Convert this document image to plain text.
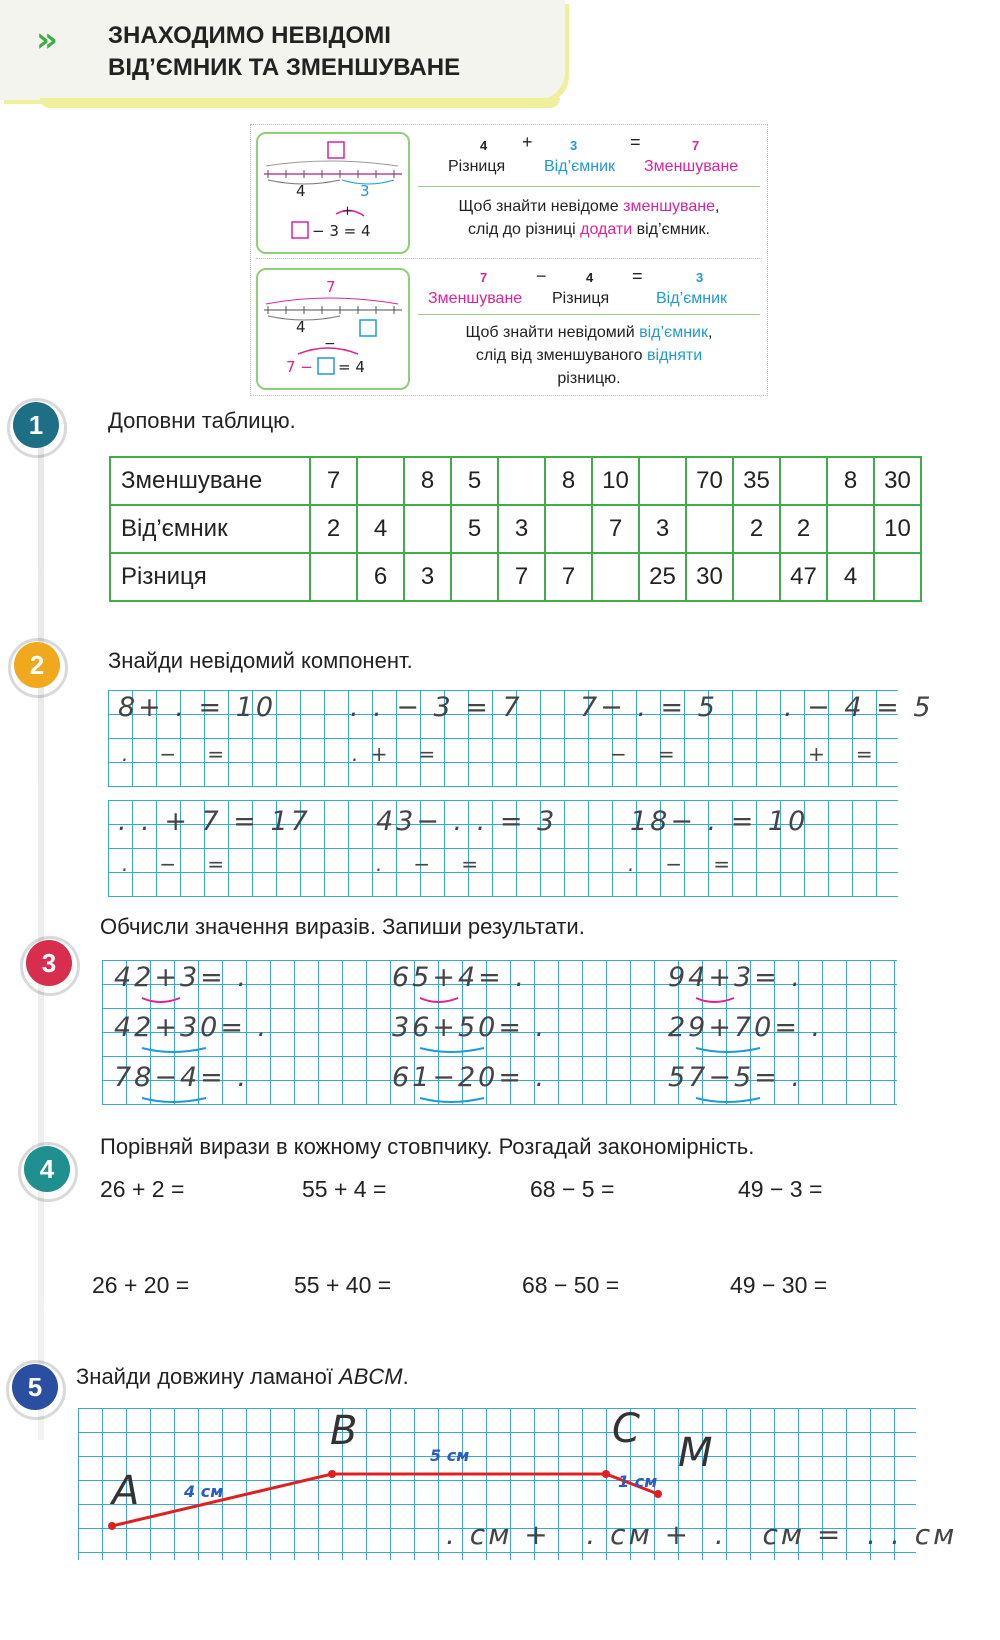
›› ЗНАХОДИМО НЕВІДОМІ
ВІД’ЄМНИК ТА ЗМЕНШУВАНЕ
4	3
+
− 3 = 4
4 +	3	=	7
Різниця Від’ємник Зменшуване
Щоб знайти невідоме зменшуване,
слід до різниці додати від’ємник.
7
4
−
7 − = 4
7	−	4 =	3
Зменшуване Різниця	Від’ємник
Щоб знайти невідомий від’ємник,
слід від зменшуваного відняти
різницю.
1	Доповни таблицю.
Зменшуване	7		8	5		8	10		70	35		8	30
Від’ємник	2	4		5	3		7	3		2	2		10
Різниця		6	3		7	7		25	30		47	4	
2	Знайди невідомий компонент.
8+ . = 10	. . − 3 = 7 7− . = 5 . − 4 = 5
.   −   =	. +   =	−   =	+   =
. . + 7 = 17 43− . . = 3	18− . = 10
.   −   =	.   −   =	.   −   =
3
Обчисли значення виразів. Запиши результати.
42+3= .
42+30= .
78−4= .
65+4= .
36+50= .
61−20= .
94+3= .
29+70= .
57−5= .
4
Порівняй вирази в кожному стовпчику. Розгадай закономірність.
26 + 2 =	55 + 4 =	68 − 5 =	49 − 3 =
26 + 20 =	55 + 40 =	68 − 50 =	49 − 30 =
5	Знайди довжину ламаної ABCM.
A
B	C
M
4 см
5 см
1 см
. см +   . см +  .   см =  . . см
